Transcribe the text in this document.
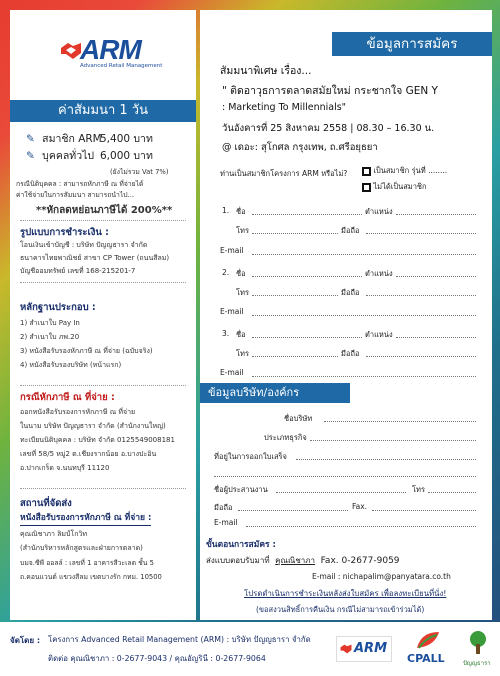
ARM
Advanced Retail Management
ค่าสัมมนา 1 วัน
✎ สมาชิก ARM
5,400 บาท
✎ บุคคลทั่วไป 6,000 บาท
(ยังไม่รวม Vat 7%)
กรณีนิติบุคคล : สามารถหักภาษี ณ ที่จ่ายได้
ค่าใช้จ่ายในการสัมมนา สามารถนำไป...
**หักลดหย่อนภาษีได้ 200%**
รูปแบบการชำระเงิน :
โอนเงินเข้าบัญชี : บริษัท ปัญญธารา จำกัด
ธนาคารไทยพาณิชย์ สาขา CP Tower (ถนนสีลม)
บัญชีออมทรัพย์ เลขที่ 168-215201-7
หลักฐานประกอบ :
1) สำเนาใบ Pay In
2) สำเนาใบ ภพ.20
3) หนังสือรับรองหักภาษี ณ ที่จ่าย (ฉบับจริง)
4) หนังสือรับรองบริษัท (หน้าแรก)
กรณีหักภาษี ณ ที่จ่าย :
ออกหนังสือรับรองการหักภาษี ณ ที่จ่าย
ในนาม บริษัท ปัญญธารา จำกัด (สำนักงานใหญ่)
ทะเบียนนิติบุคคล : บริษัท จำกัด 0125549008181
เลขที่ 58/5 หมู่2 ต.เชียงรากน้อย อ.บางปะอิน
อ.ปากเกร็ด จ.นนทบุรี 11120
สถานที่จัดส่ง
หนังสือรับรองการหักภาษี ณ ที่จ่าย :
คุณณิชาภา ลิมป์โกวิท
(สำนักบริหารหลักสูตรและฝ่ายการตลาด)
บมจ.ซีพี ออลล์ : เลขที่ 1 อาคารสีวะเลต ชั้น 5
ถ.คอนแวนต์ แขวงสีลม เขตบางรัก กทม. 10500
ข้อมูลการสมัคร
สัมมนาพิเศษ เรื่อง...
" ติดอาวุธการตลาดสมัยใหม่ กระชากใจ GEN Y
: Marketing To Millennials"
วันอังคารที่ 25 สิงหาคม 2558 | 08.30 – 16.30 น.
@ เดอะ: สุโกศล กรุงเทพ, ถ.ศรีอยุธยา
ท่านเป็นสมาชิกโครงการ ARM หรือไม่?	เป็นสมาชิก รุ่นที่ ........
ไม่ได้เป็นสมาชิก
1. ชื่อ	ตำแหน่ง
โทร	มือถือ
E-mail
2. ชื่อ	ตำแหน่ง
โทร	มือถือ
E-mail
3. ชื่อ	ตำแหน่ง
โทร	มือถือ
E-mail
ข้อมูลบริษัท/องค์กร
ชื่อบริษัท
ประเภทธุรกิจ
ที่อยู่ในการออกใบเสร็จ
ชื่อผู้ประสานงาน	โทร
มือถือ	Fax.
E-mail
ขั้นตอนการสมัคร :
ส่งแบบตอบรับมาที่ คุณณิชาภา Fax. 0-2677-9059
E-mail : nichapalim@panyatara.co.th
โปรดดำเนินการชำระเงินหลังส่งใบสมัคร เพื่อลงทะเบียนที่นั่ง!
(ขอสงวนสิทธิ์การคืนเงิน กรณีไม่สามารถเข้าร่วมได้)
จัดโดย : โครงการ Advanced Retail Management (ARM) : บริษัท ปัญญธารา จำกัด
ติดต่อ คุณณิชาภา : 0-2677-9043 / คุณอัญรินี : 0-2677-9064
ARM
CPALL	ปัญญธารา
